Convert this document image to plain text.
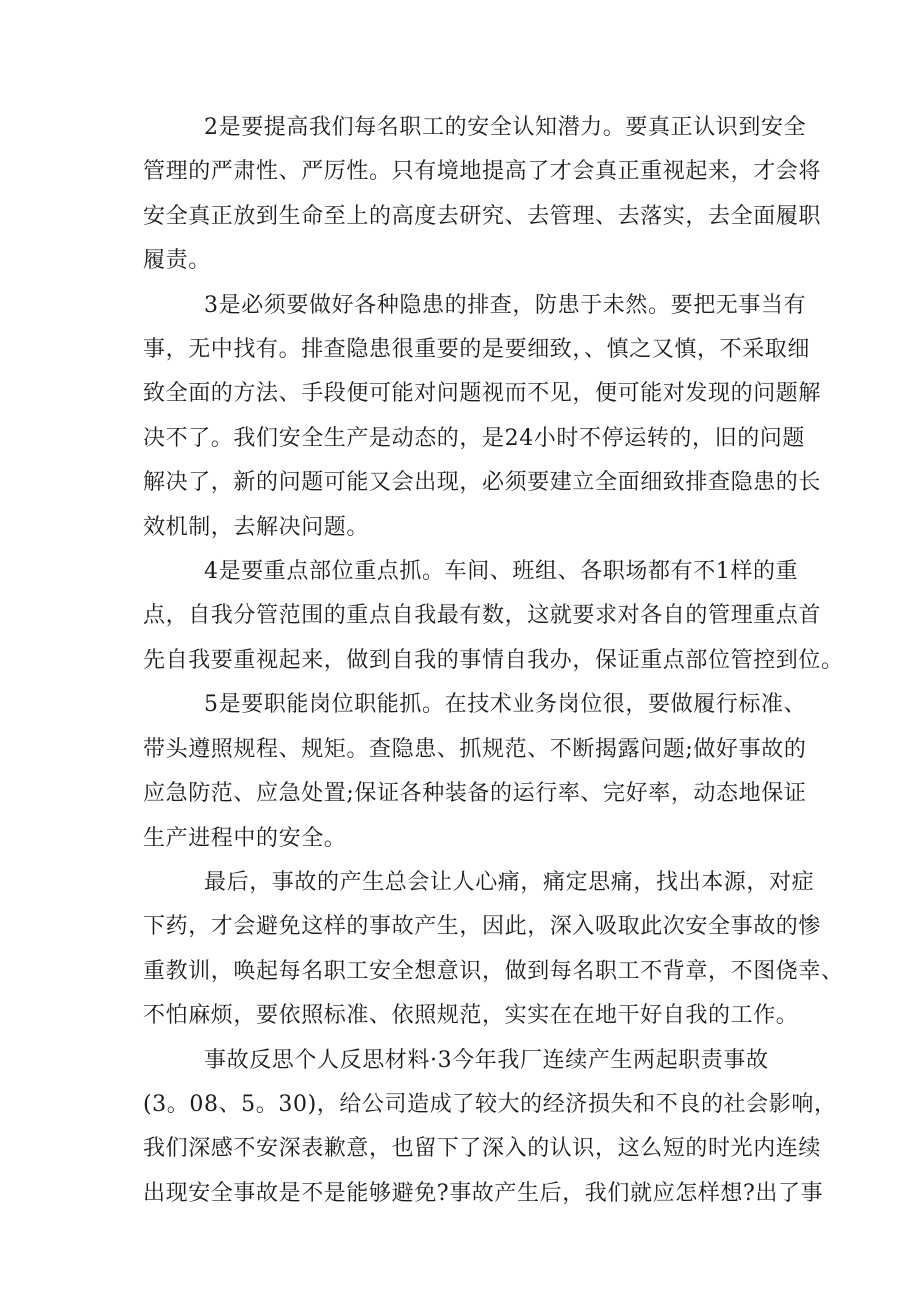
2是要提高我们每名职工的安全认知潜力。要真正认识到安全
管理的严肃性、严厉性。只有境地提高了才会真正重视起来，才会将
安全真正放到生命至上的高度去研究、去管理、去落实，去全面履职
履责。

3是必须要做好各种隐患的排查，防患于未然。要把无事当有
事，无中找有。排查隐患很重要的是要细致，、慎之又慎，不采取细
致全面的方法、手段便可能对问题视而不见，便可能对发现的问题解
决不了。我们安全生产是动态的，是24小时不停运转的，旧的问题
解决了，新的问题可能又会出现，必须要建立全面细致排查隐患的长
效机制，去解决问题。

4是要重点部位重点抓。车间、班组、各职场都有不1样的重
点，自我分管范围的重点自我最有数，这就要求对各自的管理重点首
先自我要重视起来，做到自我的事情自我办，保证重点部位管控到位。

5是要职能岗位职能抓。在技术业务岗位很，要做履行标准、
带头遵照规程、规矩。查隐患、抓规范、不断揭露问题;做好事故的
应急防范、应急处置;保证各种装备的运行率、完好率，动态地保证
生产进程中的安全。

最后，事故的产生总会让人心痛，痛定思痛，找出本源，对症
下药，才会避免这样的事故产生，因此，深入吸取此次安全事故的惨
重教训，唤起每名职工安全想意识，做到每名职工不背章，不图侥幸、
不怕麻烦，要依照标准、依照规范，实实在在地干好自我的工作。

事故反思个人反思材料·3今年我厂连续产生两起职责事故
(3。08、5。30)，给公司造成了较大的经济损失和不良的社会影响，
我们深感不安深表歉意，也留下了深入的认识，这么短的时光内连续
出现安全事故是不是能够避免?事故产生后，我们就应怎样想?出了事
